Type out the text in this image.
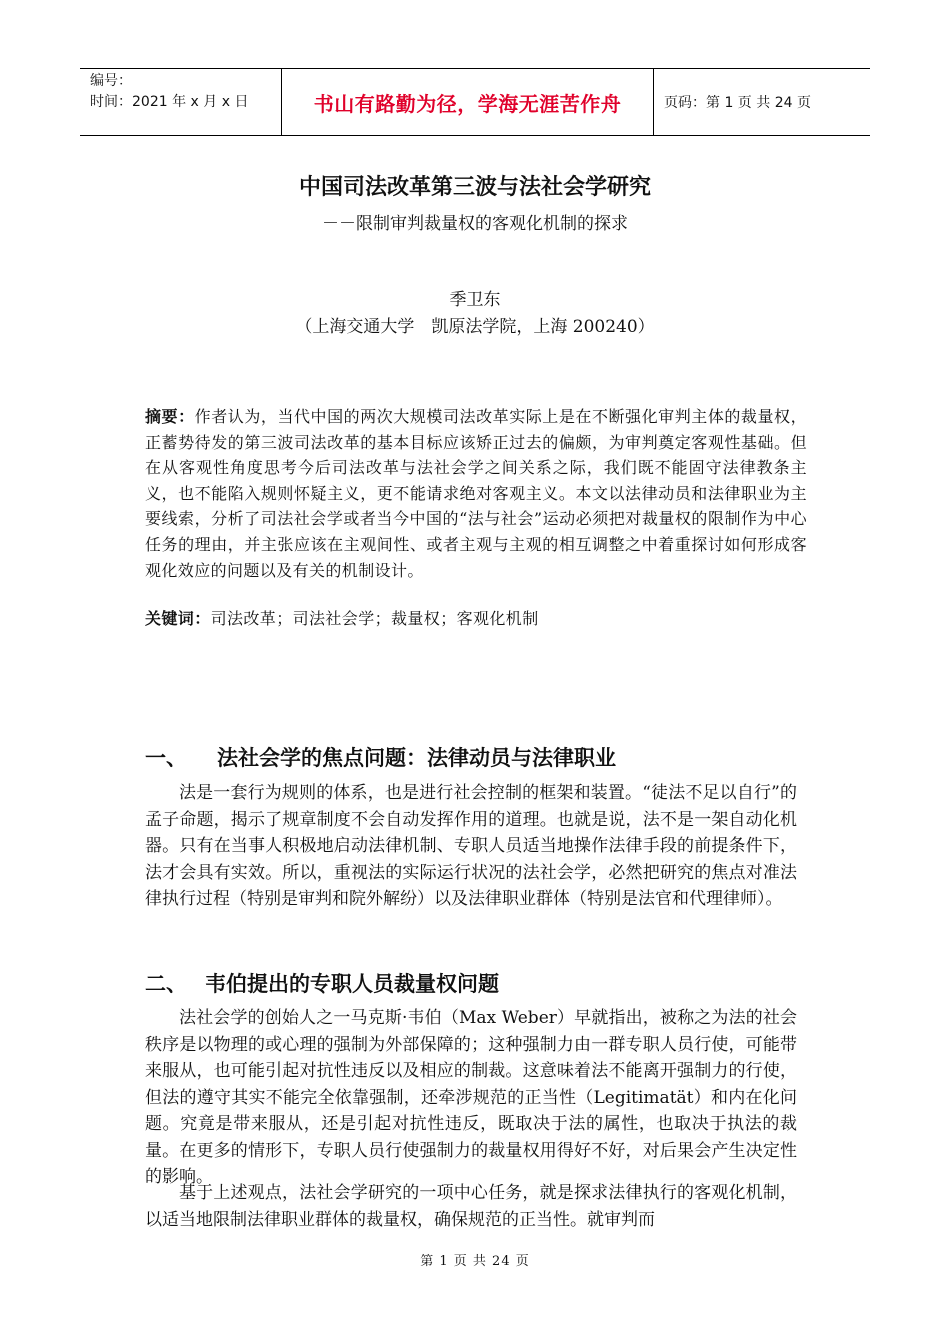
编号：
时间：2021 年 x 月 x 日	书山有路勤为径，学海无涯苦作舟	页码：第 1 页 共 24 页
中国司法改革第三波与法社会学研究
－－限制审判裁量权的客观化机制的探求
季卫东
（上海交通大学　凯原法学院，上海 200240）
摘要：作者认为，当代中国的两次大规模司法改革实际上是在不断强化审判主体的裁量权，正蓄势待发的第三波司法改革的基本目标应该矫正过去的偏颇，为审判奠定客观性基础。但在从客观性角度思考今后司法改革与法社会学之间关系之际，我们既不能固守法律教条主义，也不能陷入规则怀疑主义，更不能请求绝对客观主义。本文以法律动员和法律职业为主要线索，分析了司法社会学或者当今中国的“法与社会”运动必须把对裁量权的限制作为中心任务的理由，并主张应该在主观间性、或者主观与主观的相互调整之中着重探讨如何形成客观化效应的问题以及有关的机制设计。
关键词：司法改革；司法社会学；裁量权；客观化机制
一、 法社会学的焦点问题：法律动员与法律职业
法是一套行为规则的体系，也是进行社会控制的框架和装置。“徒法不足以自行”的孟子命题，揭示了规章制度不会自动发挥作用的道理。也就是说，法不是一架自动化机器。只有在当事人积极地启动法律机制、专职人员适当地操作法律手段的前提条件下，法才会具有实效。所以，重视法的实际运行状况的法社会学，必然把研究的焦点对准法律执行过程（特别是审判和院外解纷）以及法律职业群体（特别是法官和代理律师）。
二、 韦伯提出的专职人员裁量权问题
法社会学的创始人之一马克斯·韦伯（Max Weber）早就指出，被称之为法的社会秩序是以物理的或心理的强制为外部保障的；这种强制力由一群专职人员行使，可能带来服从，也可能引起对抗性违反以及相应的制裁。这意味着法不能离开强制力的行使，但法的遵守其实不能完全依靠强制，还牵涉规范的正当性（Legitimatät）和内在化问题。究竟是带来服从，还是引起对抗性违反，既取决于法的属性，也取决于执法的裁量。在更多的情形下，专职人员行使强制力的裁量权用得好不好，对后果会产生决定性的影响。
基于上述观点，法社会学研究的一项中心任务，就是探求法律执行的客观化机制，以适当地限制法律职业群体的裁量权，确保规范的正当性。就审判而
第 1 页 共 24 页
